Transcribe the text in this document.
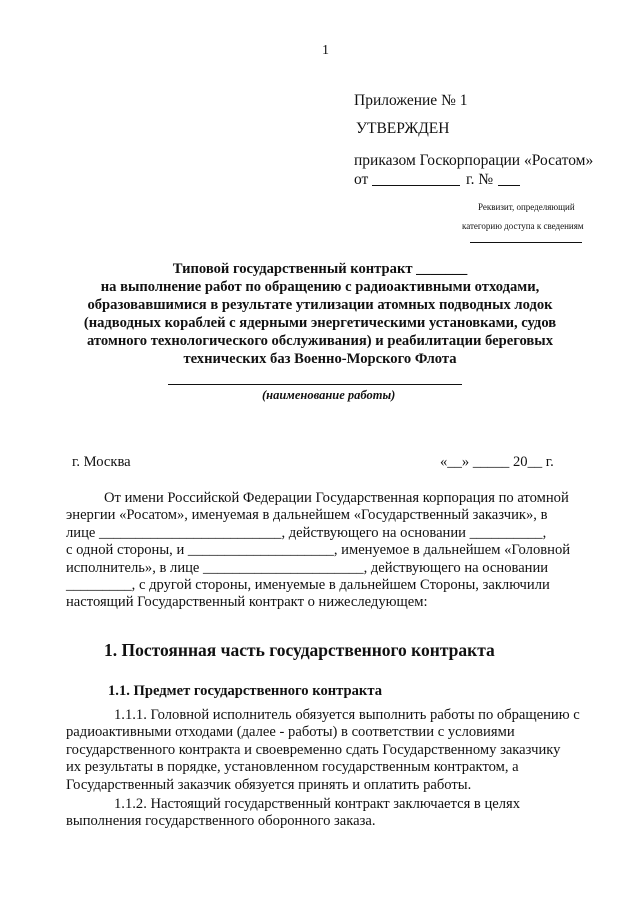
1
Приложение № 1
УТВЕРЖДЕН
приказом Госкорпорации «Росатом»
от	г. №
Реквизит, определяющий
категорию доступа к сведениям
Типовой государственный контракт _______
на выполнение работ по обращению с радиоактивными отходами,
образовавшимися в результате утилизации атомных подводных лодок
(надводных кораблей с ядерными энергетическими установками, судов
атомного технологического обслуживания) и реабилитации береговых
технических баз Военно-Морского Флота
(наименование работы)
г. Москва	«__» _____ 20__ г.
От имени Российской Федерации Государственная корпорация по атомной
энергии «Росатом», именуемая в дальнейшем «Государственный заказчик», в
лице _________________________, действующего на основании __________,
с одной стороны, и ____________________, именуемое в дальнейшем «Головной
исполнитель», в лице ______________________, действующего на основании
_________, с другой стороны, именуемые в дальнейшем Стороны, заключили
настоящий Государственный контракт о нижеследующем:
1. Постоянная часть государственного контракта
1.1. Предмет государственного контракта
1.1.1. Головной исполнитель обязуется выполнить работы по обращению с
радиоактивными отходами (далее - работы) в соответствии с условиями
государственного контракта и своевременно сдать Государственному заказчику
их результаты в порядке, установленном государственным контрактом, а
Государственный заказчик обязуется принять и оплатить работы.
1.1.2. Настоящий государственный контракт заключается в целях
выполнения государственного оборонного заказа.
